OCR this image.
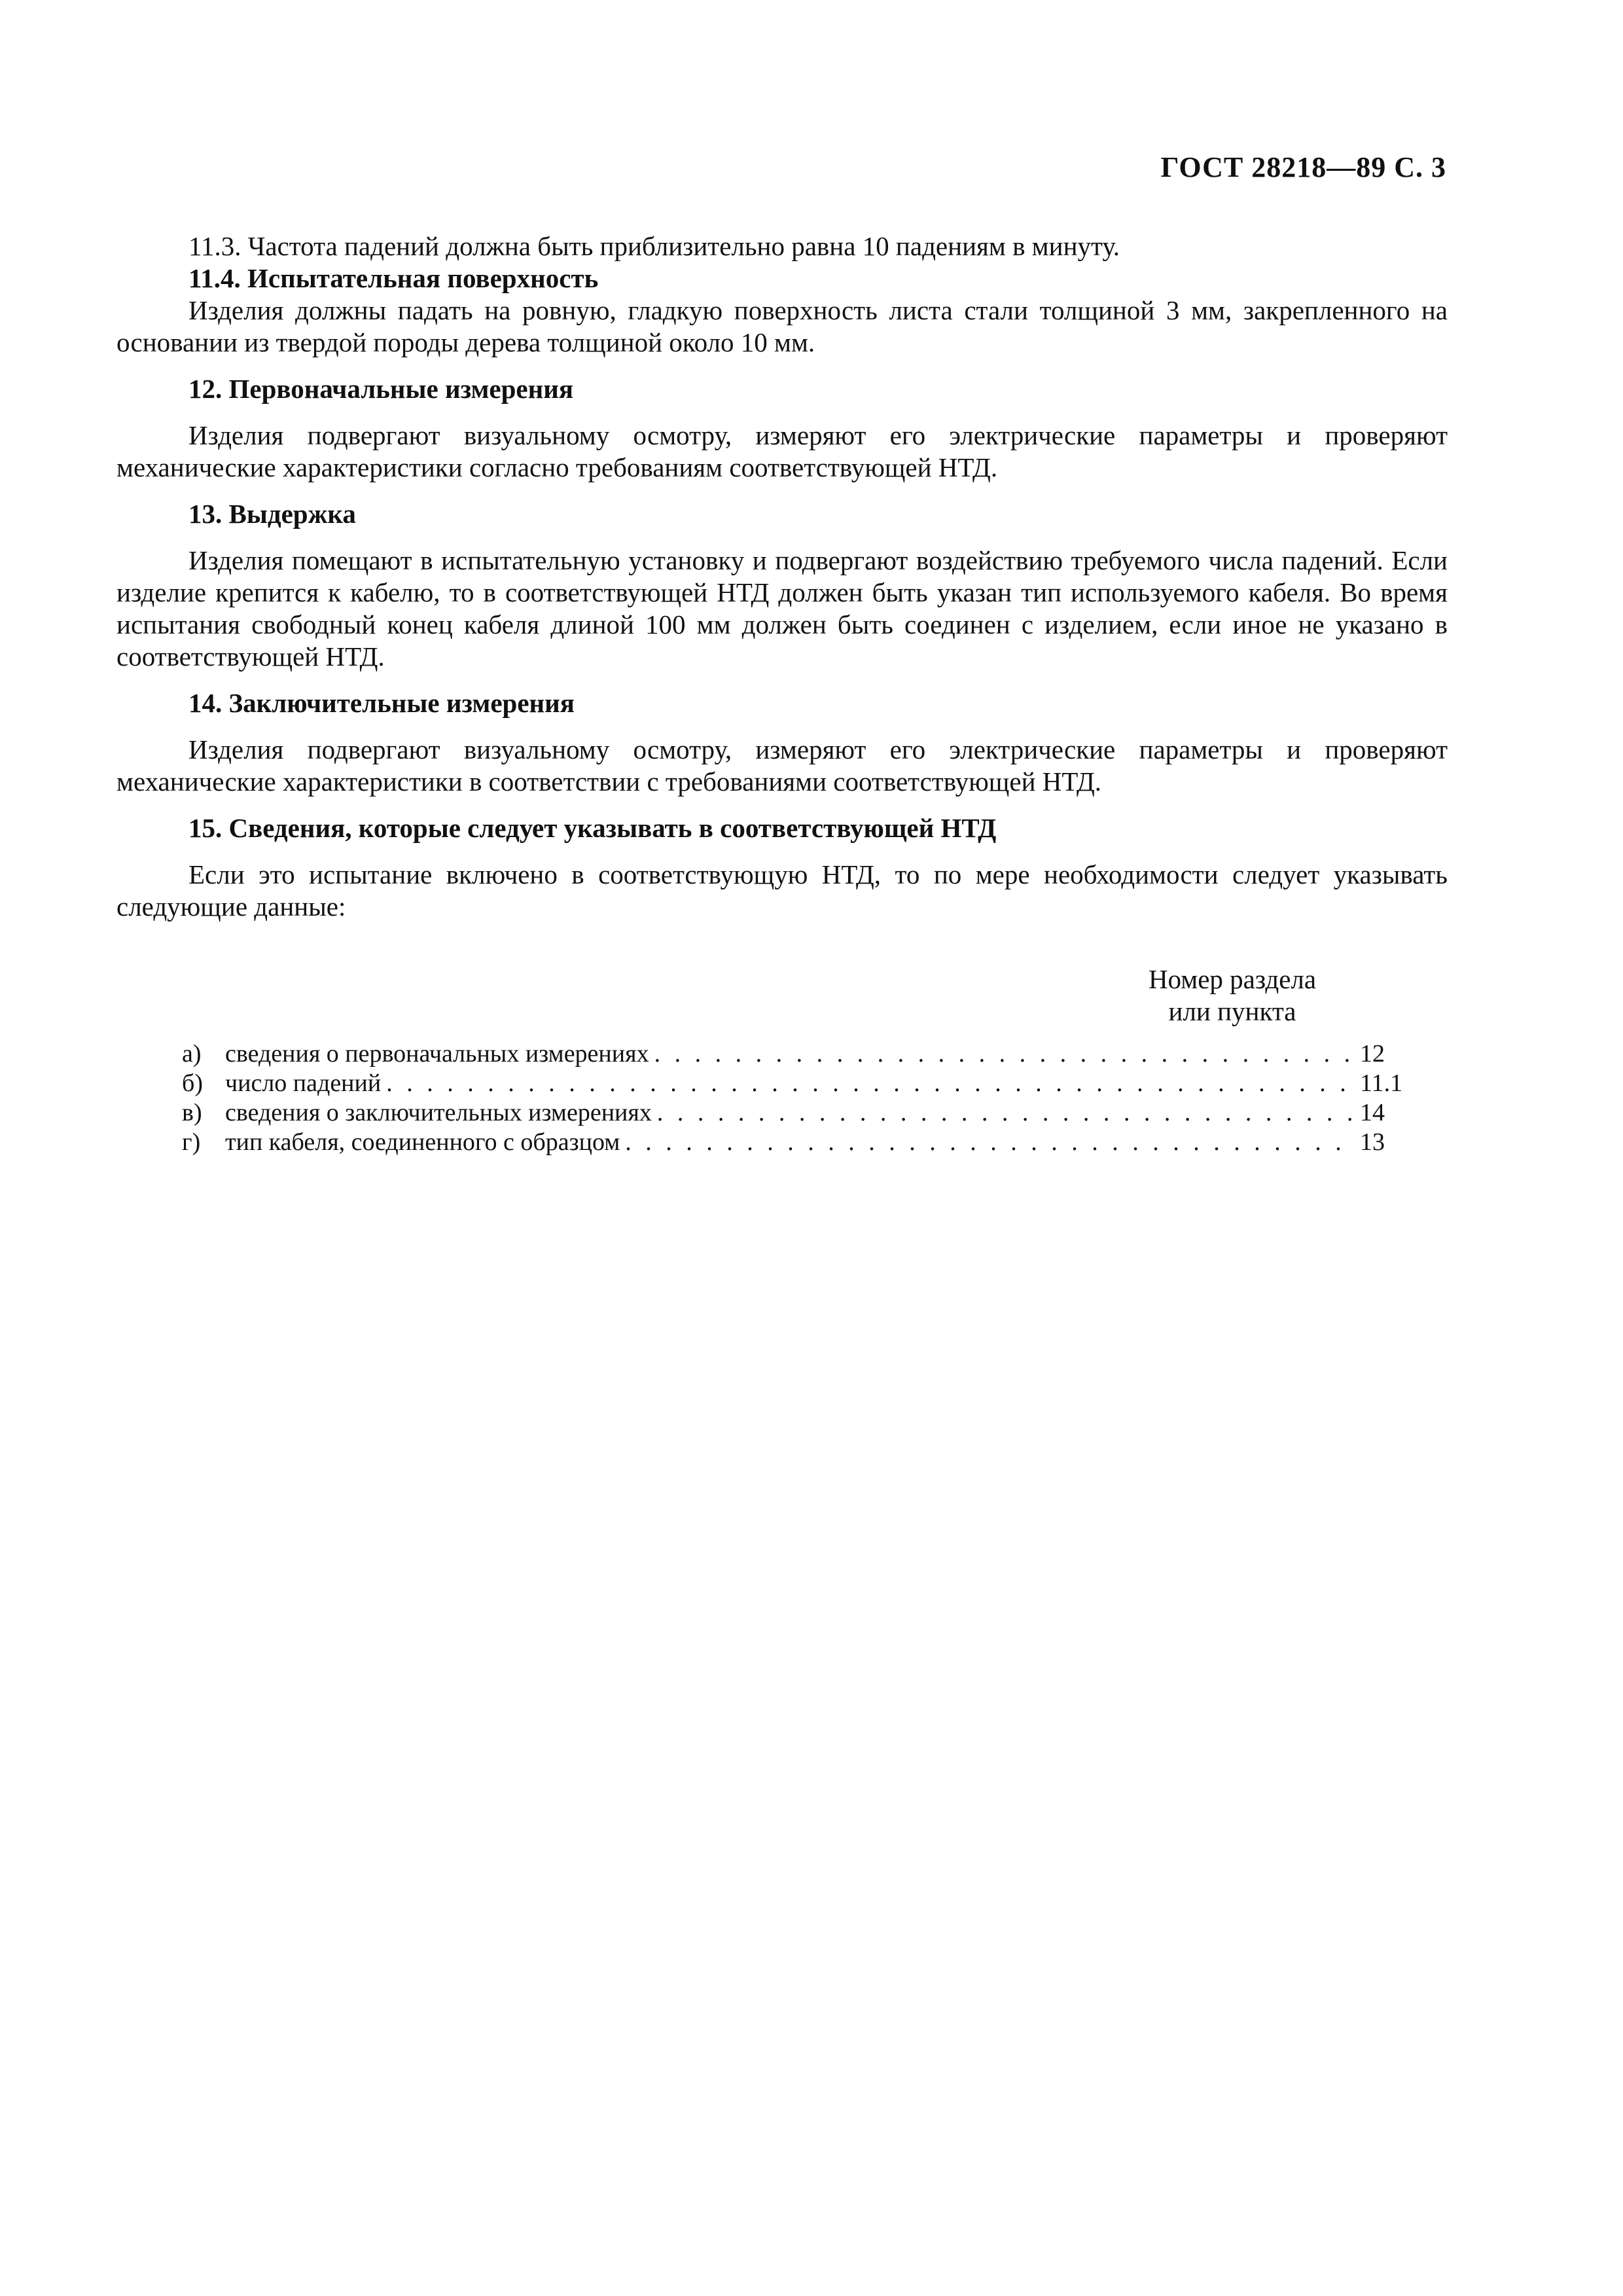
ГОСТ 28218—89 С. 3

11.3. Частота падений должна быть приблизительно равна 10 падениям в минуту.

11.4. Испытательная поверхность

Изделия должны падать на ровную, гладкую поверхность листа стали толщиной 3 мм, закрепленного на основании из твердой породы дерева толщиной около 10 мм.

12. Первоначальные измерения

Изделия подвергают визуальному осмотру, измеряют его электрические параметры и проверяют механические характеристики согласно требованиям соответствующей НТД.

13. Выдержка

Изделия помещают в испытательную установку и подвергают воздействию требуемого числа падений. Если изделие крепится к кабелю, то в соответствующей НТД должен быть указан тип используемого кабеля. Во время испытания свободный конец кабеля длиной 100 мм должен быть соединен с изделием, если иное не указано в соответствующей НТД.

14. Заключительные измерения

Изделия подвергают визуальному осмотру, измеряют его электрические параметры и проверяют механические характеристики в соответствии с требованиями соответствующей НТД.

15. Сведения, которые следует указывать в соответствующей НТД

Если это испытание включено в соответствующую НТД, то по мере необходимости следует указывать следующие данные:

Номер раздела
или пункта
а) сведения о первоначальных измерениях . . .	12
б) число падений . . .	11.1
в) сведения о заключительных измерениях . . .	14
г) тип кабеля, соединенного с образцом . . .	13
